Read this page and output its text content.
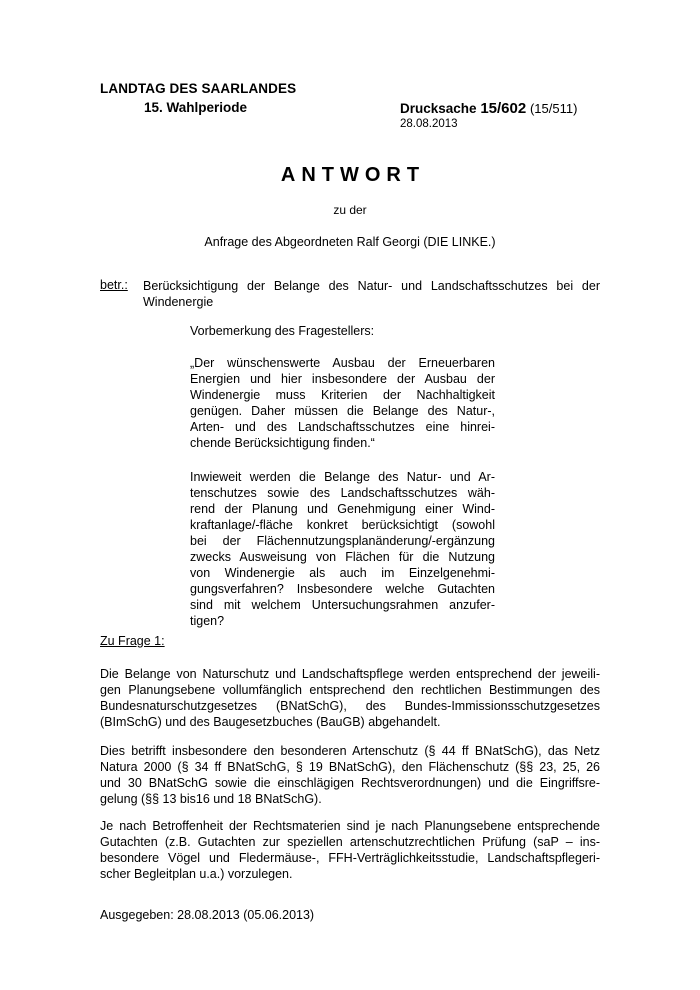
LANDTAG DES SAARLANDES
15. Wahlperiode	Drucksache 15/602 (15/511)
28.08.2013
ANTWORT
zu der
Anfrage des Abgeordneten Ralf Georgi (DIE LINKE.)
betr.: Berücksichtigung der Belange des Natur- und Landschaftsschutzes bei der
Windenergie
Vorbemerkung des Fragestellers:
„Der wünschenswerte Ausbau der Erneuerbaren
Energien und hier insbesondere der Ausbau der
Windenergie muss Kriterien der Nachhaltigkeit
genügen. Daher müssen die Belange des Natur-,
Arten- und des Landschaftsschutzes eine hinrei-
chende Berücksichtigung finden.“
Inwieweit werden die Belange des Natur- und Ar-
tenschutzes sowie des Landschaftsschutzes wäh-
rend der Planung und Genehmigung einer Wind-
kraftanlage/-fläche konkret berücksichtigt (sowohl
bei der Flächennutzungsplanänderung/-ergänzung
zwecks Ausweisung von Flächen für die Nutzung
von Windenergie als auch im Einzelgenehmi-
gungsverfahren? Insbesondere welche Gutachten
sind mit welchem Untersuchungsrahmen anzufer-
tigen?
Zu Frage 1:
Die Belange von Naturschutz und Landschaftspflege werden entsprechend der jeweili-
gen Planungsebene vollumfänglich entsprechend den rechtlichen Bestimmungen des
Bundesnaturschutzgesetzes (BNatSchG), des Bundes-Immissionsschutzgesetzes
(BImSchG) und des Baugesetzbuches (BauGB) abgehandelt.
Dies betrifft insbesondere den besonderen Artenschutz (§ 44 ff BNatSchG), das Netz
Natura 2000 (§ 34 ff BNatSchG, § 19 BNatSchG), den Flächenschutz (§§ 23, 25, 26
und 30 BNatSchG sowie die einschlägigen Rechtsverordnungen) und die Eingriffsre-
gelung (§§ 13 bis16 und 18 BNatSchG).
Je nach Betroffenheit der Rechtsmaterien sind je nach Planungsebene entsprechende
Gutachten (z.B. Gutachten zur speziellen artenschutzrechtlichen Prüfung (saP – ins-
besondere Vögel und Fledermäuse-, FFH-Verträglichkeitsstudie, Landschaftspflegeri-
scher Begleitplan u.a.) vorzulegen.
Ausgegeben: 28.08.2013 (05.06.2013)
